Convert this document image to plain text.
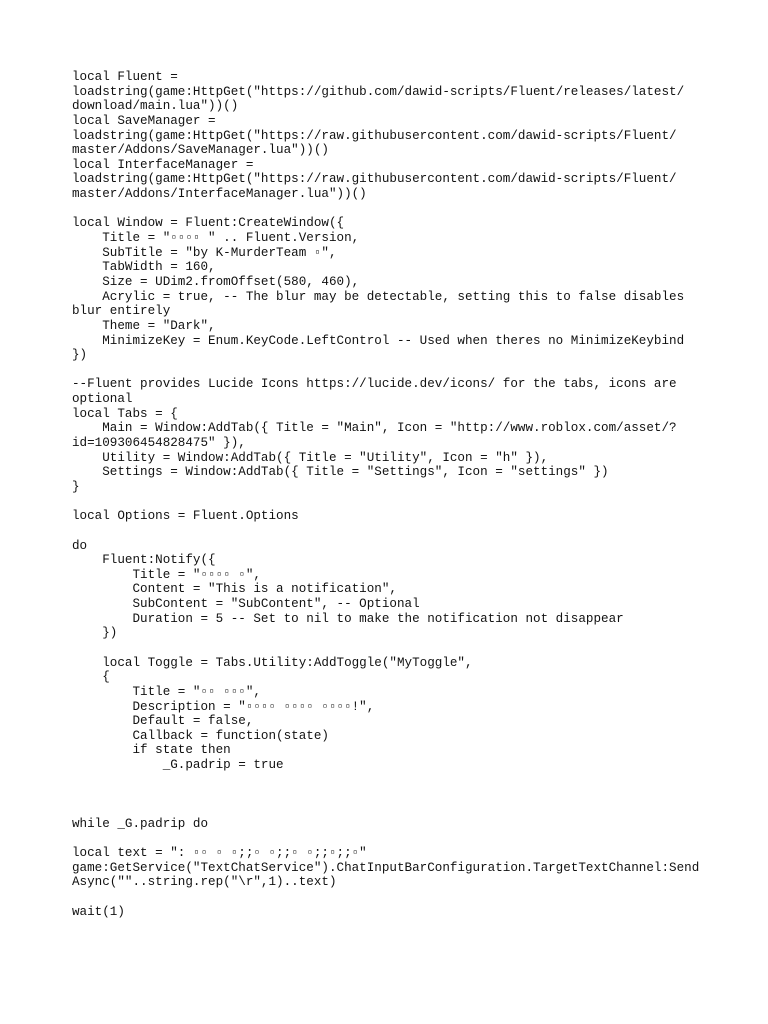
local Fluent =
loadstring(game:HttpGet("https://github.com/dawid-scripts/Fluent/releases/latest/
download/main.lua"))()
local SaveManager =
loadstring(game:HttpGet("https://raw.githubusercontent.com/dawid-scripts/Fluent/
master/Addons/SaveManager.lua"))()
local InterfaceManager =
loadstring(game:HttpGet("https://raw.githubusercontent.com/dawid-scripts/Fluent/
master/Addons/InterfaceManager.lua"))()
local Window = Fluent:CreateWindow({
Title = "▫▫▫▫ " .. Fluent.Version,
SubTitle = "by K-MurderTeam ▫",
TabWidth = 160,
Size = UDim2.fromOffset(580, 460),
Acrylic = true, -- The blur may be detectable, setting this to false disables
blur entirely
Theme = "Dark",
MinimizeKey = Enum.KeyCode.LeftControl -- Used when theres no MinimizeKeybind
})
--Fluent provides Lucide Icons https://lucide.dev/icons/ for the tabs, icons are
optional
local Tabs = {
Main = Window:AddTab({ Title = "Main", Icon = "http://www.roblox.com/asset/?
id=109306454828475" }),
Utility = Window:AddTab({ Title = "Utility", Icon = "h" }),
Settings = Window:AddTab({ Title = "Settings", Icon = "settings" })
}
local Options = Fluent.Options
do
Fluent:Notify({
Title = "▫▫▫▫ ▫",
Content = "This is a notification",
SubContent = "SubContent", -- Optional
Duration = 5 -- Set to nil to make the notification not disappear
})
local Toggle = Tabs.Utility:AddToggle("MyToggle",
{
Title = "▫▫ ▫▫▫",
Description = "▫▫▫▫ ▫▫▫▫ ▫▫▫▫!",
Default = false,
Callback = function(state)
if state then
_G.padrip = true
while _G.padrip do
local text = ": ▫▫ ▫ ▫;;▫ ▫;;▫ ▫;;▫;;▫"
game:GetService("TextChatService").ChatInputBarConfiguration.TargetTextChannel:Send
Async(""..string.rep("\r",1)..text)
wait(1)
